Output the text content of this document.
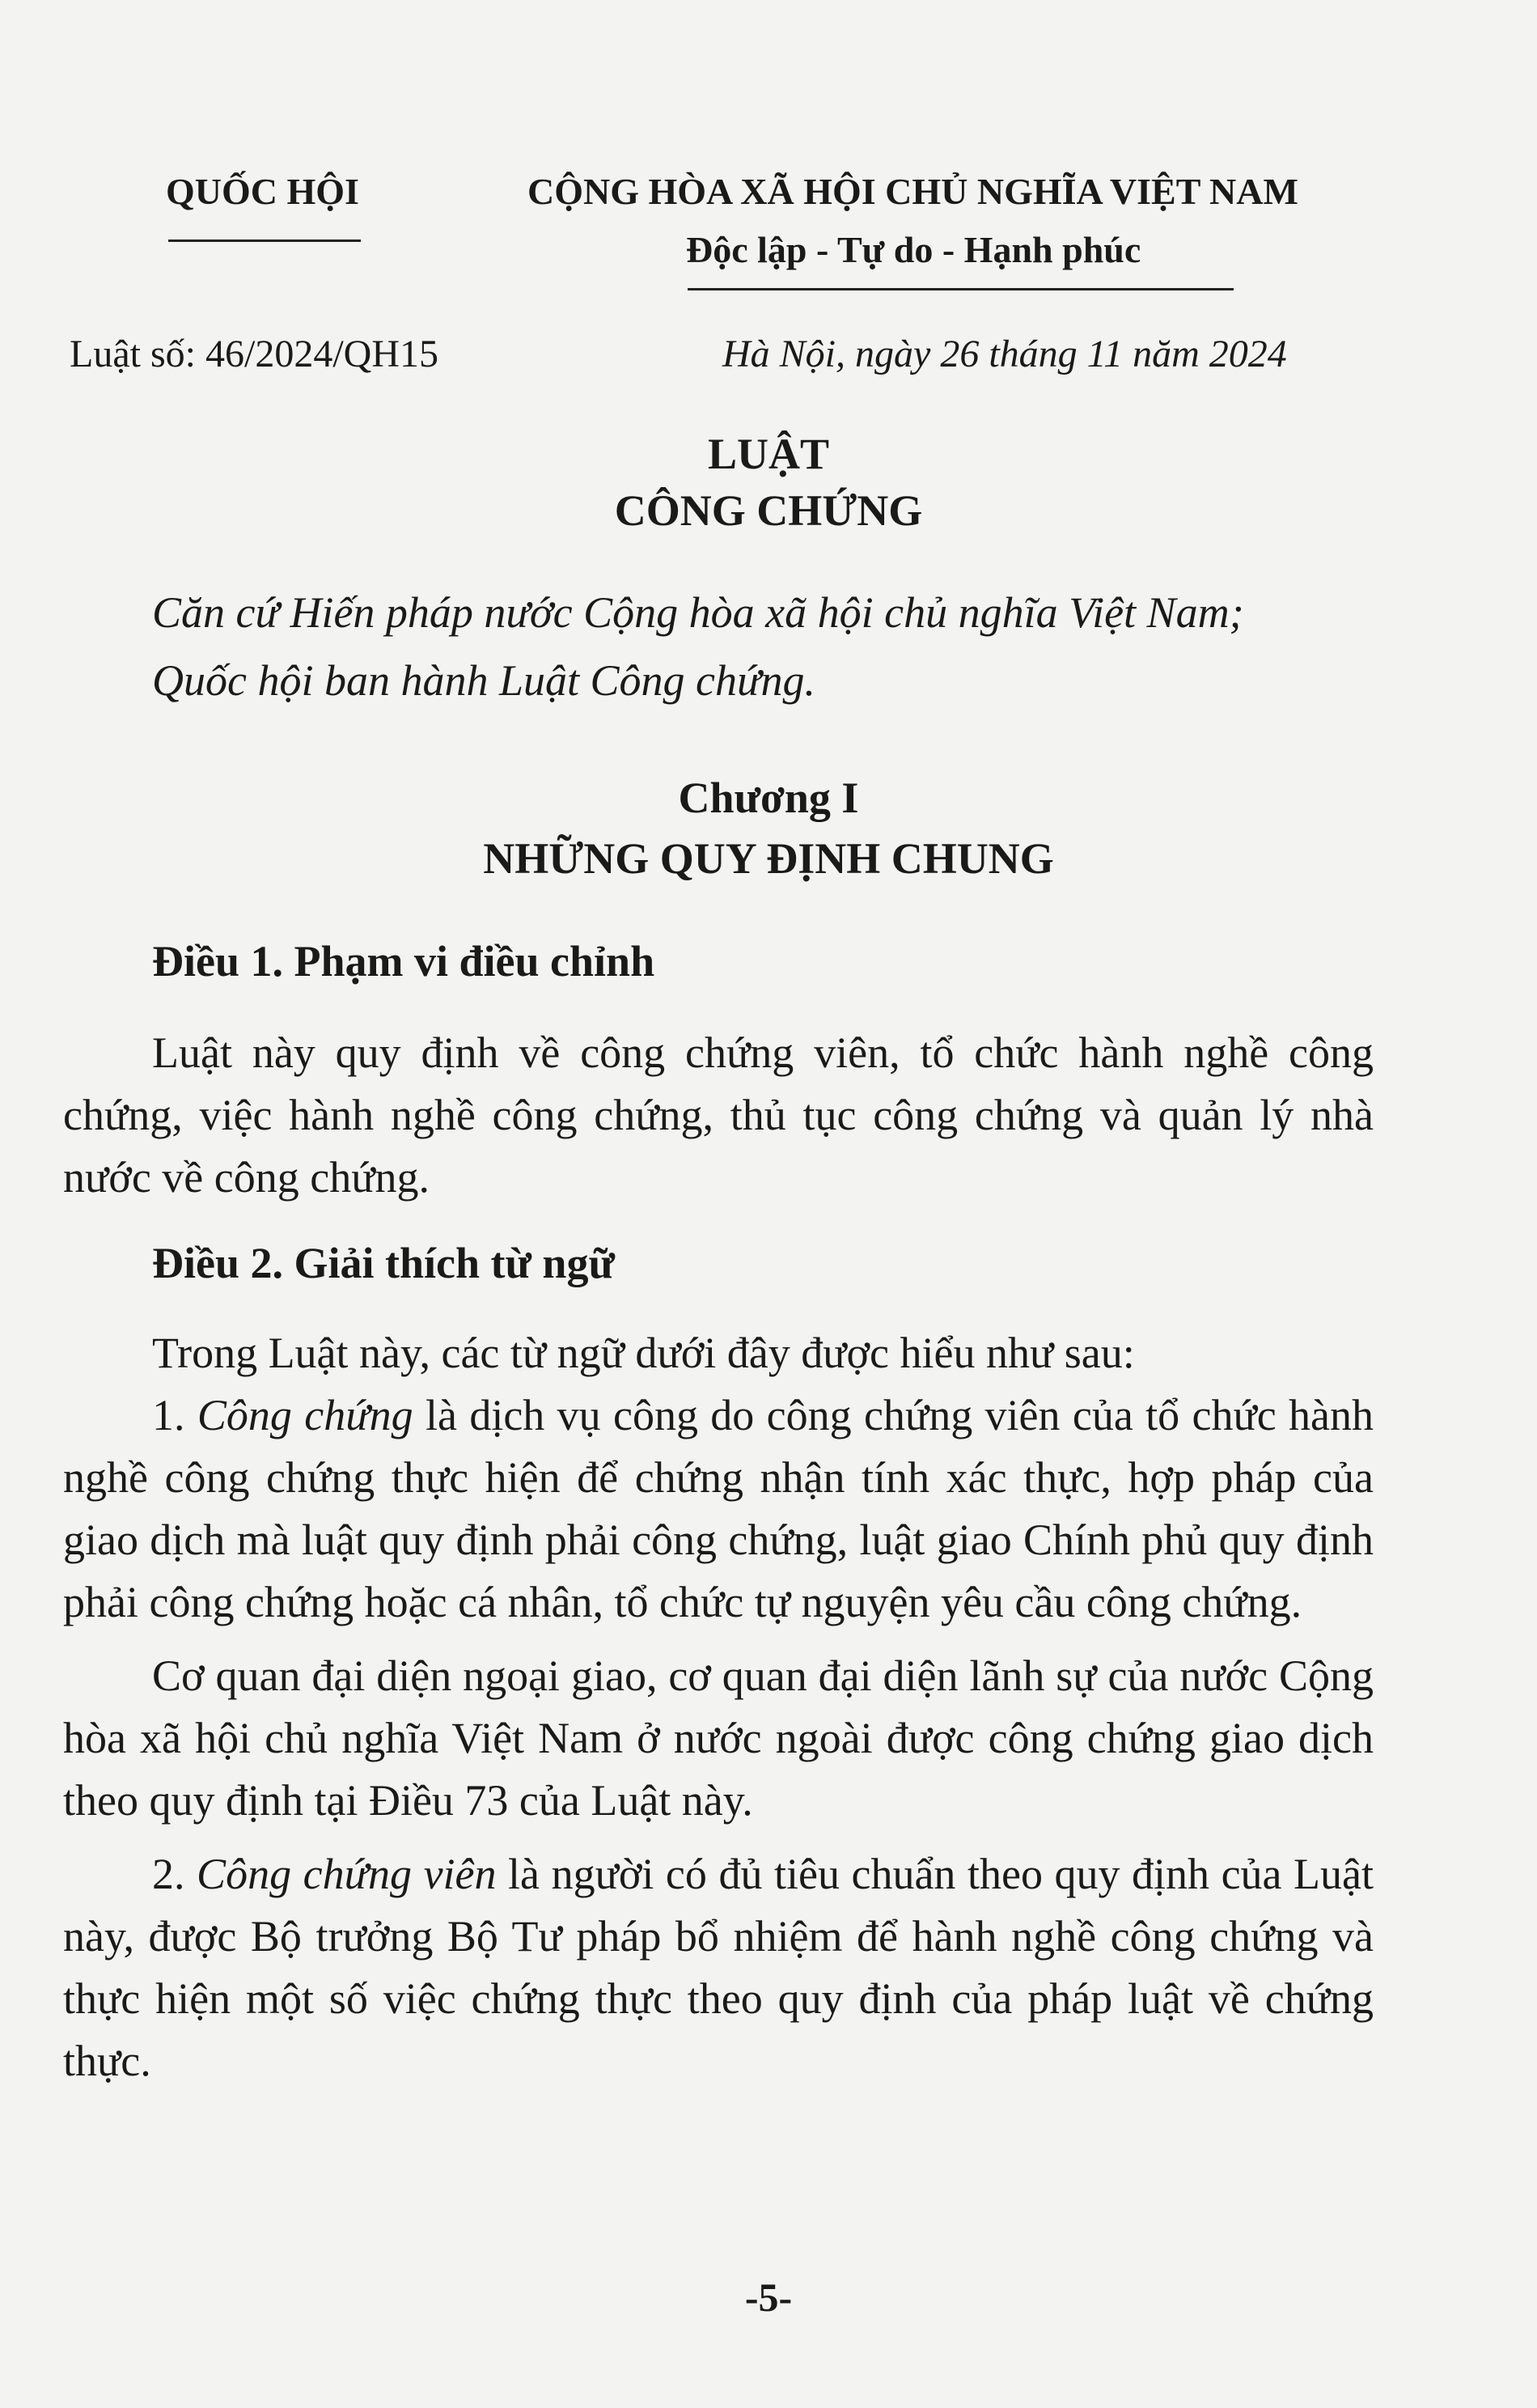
QUỐC HỘI	CỘNG HÒA XÃ HỘI CHỦ NGHĨA VIỆT NAM
Độc lập - Tự do - Hạnh phúc
Luật số: 46/2024/QH15	Hà Nội, ngày 26 tháng 11 năm 2024
LUẬT
CÔNG CHỨNG
Căn cứ Hiến pháp nước Cộng hòa xã hội chủ nghĩa Việt Nam;
Quốc hội ban hành Luật Công chứng.
Chương I
NHỮNG QUY ĐỊNH CHUNG
Điều 1. Phạm vi điều chỉnh

Luật này quy định về công chứng viên, tổ chức hành nghề công chứng, việc hành nghề công chứng, thủ tục công chứng và quản lý nhà nước về công chứng.

Điều 2. Giải thích từ ngữ

Trong Luật này, các từ ngữ dưới đây được hiểu như sau:

1. Công chứng là dịch vụ công do công chứng viên của tổ chức hành nghề công chứng thực hiện để chứng nhận tính xác thực, hợp pháp của giao dịch mà luật quy định phải công chứng, luật giao Chính phủ quy định phải công chứng hoặc cá nhân, tổ chức tự nguyện yêu cầu công chứng.

Cơ quan đại diện ngoại giao, cơ quan đại diện lãnh sự của nước Cộng hòa xã hội chủ nghĩa Việt Nam ở nước ngoài được công chứng giao dịch theo quy định tại Điều 73 của Luật này.

2. Công chứng viên là người có đủ tiêu chuẩn theo quy định của Luật này, được Bộ trưởng Bộ Tư pháp bổ nhiệm để hành nghề công chứng và thực hiện một số việc chứng thực theo quy định của pháp luật về chứng thực.

-5-
